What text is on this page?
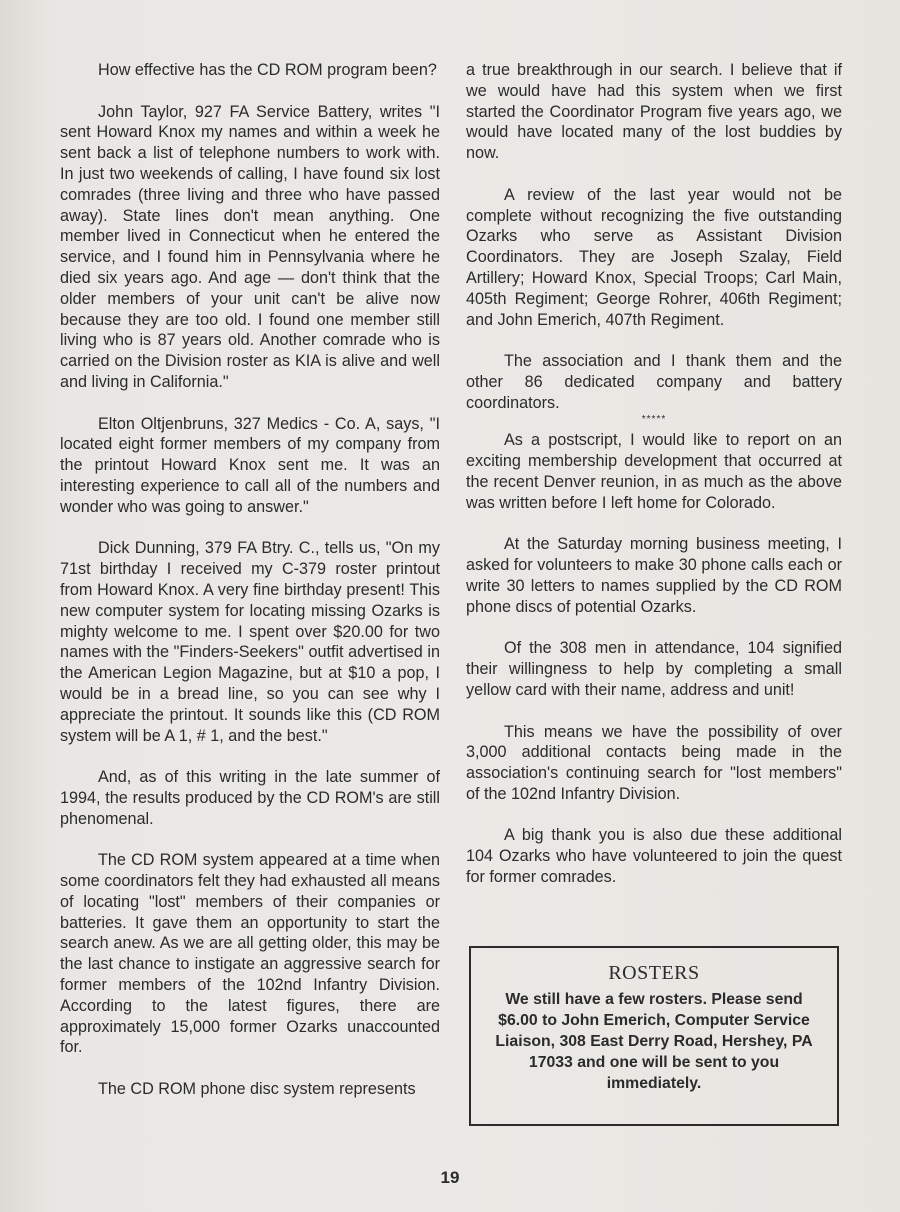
How effective has the CD ROM program been?

John Taylor, 927 FA Service Battery, writes "I sent Howard Knox my names and within a week he sent back a list of telephone numbers to work with. In just two weekends of calling, I have found six lost comrades (three living and three who have passed away). State lines don't mean anything. One member lived in Connecticut when he entered the service, and I found him in Pennsylvania where he died six years ago. And age — don't think that the older members of your unit can't be alive now because they are too old. I found one member still living who is 87 years old. Another comrade who is carried on the Division roster as KIA is alive and well and living in California."

Elton Oltjenbruns, 327 Medics - Co. A, says, "I located eight former members of my company from the printout Howard Knox sent me. It was an interesting experience to call all of the numbers and wonder who was going to answer."

Dick Dunning, 379 FA Btry. C., tells us, "On my 71st birthday I received my C-379 roster printout from Howard Knox. A very fine birthday present! This new computer system for locating missing Ozarks is mighty welcome to me. I spent over $20.00 for two names with the "Finders-Seekers" outfit advertised in the American Legion Magazine, but at $10 a pop, I would be in a bread line, so you can see why I appreciate the printout. It sounds like this (CD ROM system will be A 1, # 1, and the best."

And, as of this writing in the late summer of 1994, the results produced by the CD ROM's are still phenomenal.

The CD ROM system appeared at a time when some coordinators felt they had exhausted all means of locating "lost" members of their companies or batteries. It gave them an opportunity to start the search anew. As we are all getting older, this may be the last chance to instigate an aggressive search for former members of the 102nd Infantry Division. According to the latest figures, there are approximately 15,000 former Ozarks unaccounted for.

The CD ROM phone disc system represents

a true breakthrough in our search. I believe that if we would have had this system when we first started the Coordinator Program five years ago, we would have located many of the lost buddies by now.

A review of the last year would not be complete without recognizing the five outstanding Ozarks who serve as Assistant Division Coordinators. They are Joseph Szalay, Field Artillery; Howard Knox, Special Troops; Carl Main, 405th Regiment; George Rohrer, 406th Regiment; and John Emerich, 407th Regiment.

The association and I thank them and the other 86 dedicated company and battery coordinators.

*****

As a postscript, I would like to report on an exciting membership development that occurred at the recent Denver reunion, in as much as the above was written before I left home for Colorado.

At the Saturday morning business meeting, I asked for volunteers to make 30 phone calls each or write 30 letters to names supplied by the CD ROM phone discs of potential Ozarks.

Of the 308 men in attendance, 104 signified their willingness to help by completing a small yellow card with their name, address and unit!

This means we have the possibility of over 3,000 additional contacts being made in the association's continuing search for "lost members" of the 102nd Infantry Division.

A big thank you is also due these additional 104 Ozarks who have volunteered to join the quest for former comrades.

ROSTERS
We still have a few rosters. Please send $6.00 to John Emerich, Computer Service Liaison, 308 East Derry Road, Hershey, PA 17033 and one will be sent to you immediately.
19
